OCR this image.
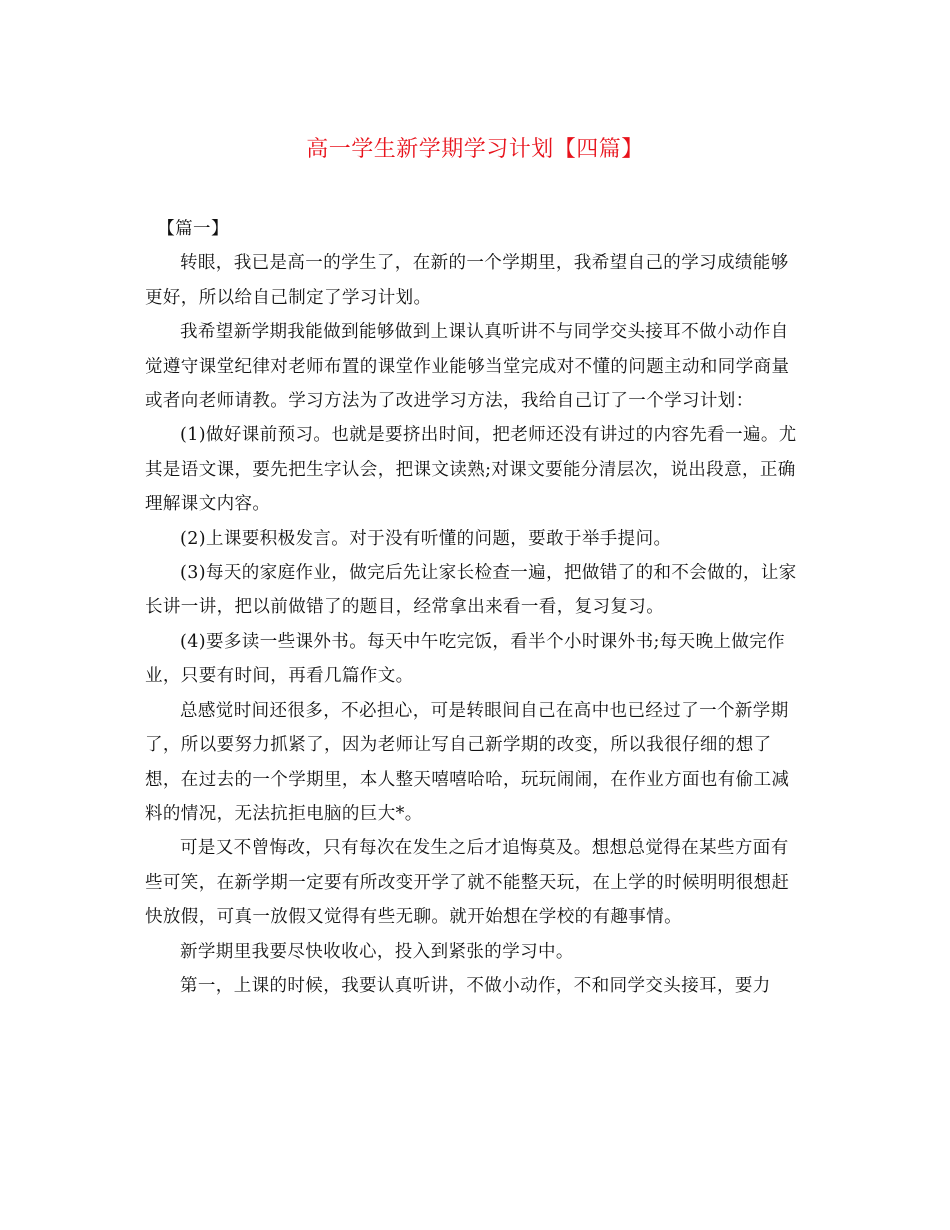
高一学生新学期学习计划【四篇】

【篇一】

转眼，我已是高一的学生了，在新的一个学期里，我希望自己的学习成绩能够更好，所以给自己制定了学习计划。

我希望新学期我能做到能够做到上课认真听讲不与同学交头接耳不做小动作自觉遵守课堂纪律对老师布置的课堂作业能够当堂完成对不懂的问题主动和同学商量或者向老师请教。学习方法为了改进学习方法，我给自己订了一个学习计划：

(1)做好课前预习。也就是要挤出时间，把老师还没有讲过的内容先看一遍。尤其是语文课，要先把生字认会，把课文读熟;对课文要能分清层次，说出段意，正确理解课文内容。

(2)上课要积极发言。对于没有听懂的问题，要敢于举手提问。

(3)每天的家庭作业，做完后先让家长检查一遍，把做错了的和不会做的，让家长讲一讲，把以前做错了的题目，经常拿出来看一看，复习复习。

(4)要多读一些课外书。每天中午吃完饭，看半个小时课外书;每天晚上做完作业，只要有时间，再看几篇作文。

总感觉时间还很多，不必担心，可是转眼间自己在高中也已经过了一个新学期了，所以要努力抓紧了，因为老师让写自己新学期的改变，所以我很仔细的想了想，在过去的一个学期里，本人整天嘻嘻哈哈，玩玩闹闹，在作业方面也有偷工减料的情况，无法抗拒电脑的巨大*。

可是又不曾悔改，只有每次在发生之后才追悔莫及。想想总觉得在某些方面有些可笑，在新学期一定要有所改变开学了就不能整天玩，在上学的时候明明很想赶快放假，可真一放假又觉得有些无聊。就开始想在学校的有趣事情。

新学期里我要尽快收收心，投入到紧张的学习中。

第一，上课的时候，我要认真听讲，不做小动作，不和同学交头接耳，要力
